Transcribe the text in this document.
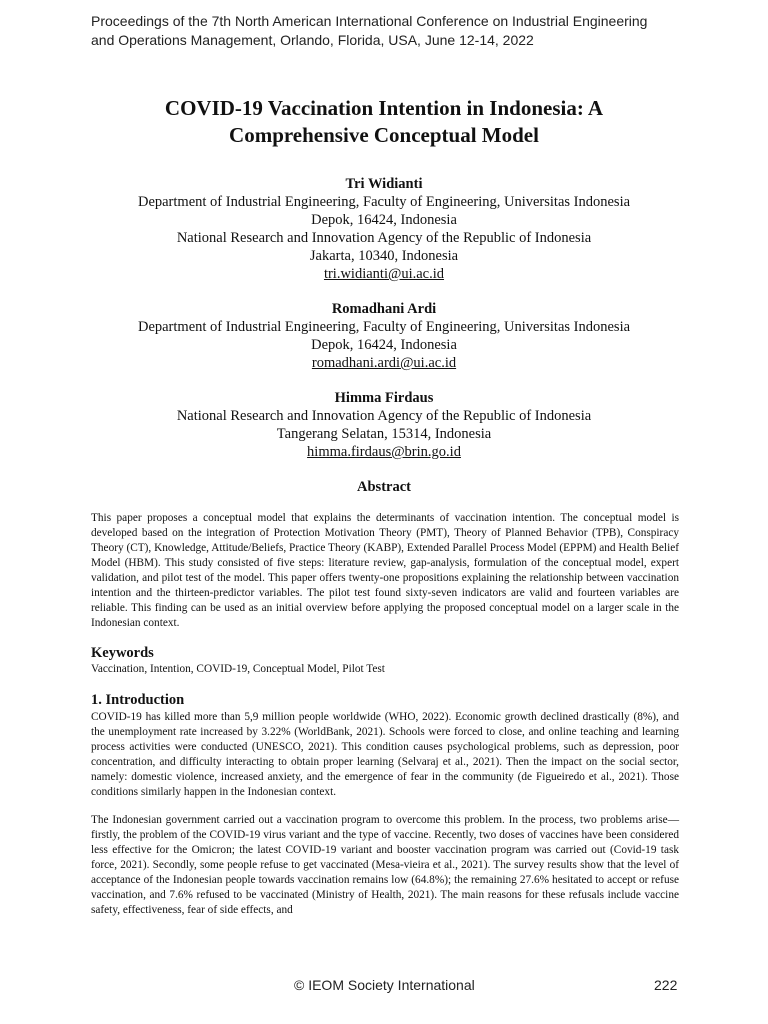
Proceedings of the 7th North American International Conference on Industrial Engineering
and Operations Management, Orlando, Florida, USA, June 12-14, 2022
COVID-19 Vaccination Intention in Indonesia: A
Comprehensive Conceptual Model
Tri Widianti
Department of Industrial Engineering, Faculty of Engineering, Universitas Indonesia
Depok, 16424, Indonesia
National Research and Innovation Agency of the Republic of Indonesia
Jakarta, 10340, Indonesia
tri.widianti@ui.ac.id
Romadhani Ardi
Department of Industrial Engineering, Faculty of Engineering, Universitas Indonesia
Depok, 16424, Indonesia
romadhani.ardi@ui.ac.id
Himma Firdaus
National Research and Innovation Agency of the Republic of Indonesia
Tangerang Selatan, 15314, Indonesia
himma.firdaus@brin.go.id
Abstract
This paper proposes a conceptual model that explains the determinants of vaccination intention. The conceptual model is developed based on the integration of Protection Motivation Theory (PMT), Theory of Planned Behavior (TPB), Conspiracy Theory (CT), Knowledge, Attitude/Beliefs, Practice Theory (KABP), Extended Parallel Process Model (EPPM) and Health Belief Model (HBM). This study consisted of five steps: literature review, gap-analysis, formulation of the conceptual model, expert validation, and pilot test of the model. This paper offers twenty-one propositions explaining the relationship between vaccination intention and the thirteen-predictor variables. The pilot test found sixty-seven indicators are valid and fourteen variables are reliable. This finding can be used as an initial overview before applying the proposed conceptual model on a larger scale in the Indonesian context.
Keywords
Vaccination, Intention, COVID-19, Conceptual Model, Pilot Test
1. Introduction
COVID-19 has killed more than 5,9 million people worldwide (WHO, 2022). Economic growth declined drastically (8%), and the unemployment rate increased by 3.22% (WorldBank, 2021). Schools were forced to close, and online teaching and learning process activities were conducted (UNESCO, 2021). This condition causes psychological problems, such as depression, poor concentration, and difficulty interacting to obtain proper learning (Selvaraj et al., 2021). Then the impact on the social sector, namely: domestic violence, increased anxiety, and the emergence of fear in the community (de Figueiredo et al., 2021). Those conditions similarly happen in the Indonesian context.
The Indonesian government carried out a vaccination program to overcome this problem. In the process, two problems arise—firstly, the problem of the COVID-19 virus variant and the type of vaccine. Recently, two doses of vaccines have been considered less effective for the Omicron; the latest COVID-19 variant and booster vaccination program was carried out (Covid-19 task force, 2021). Secondly, some people refuse to get vaccinated (Mesa-vieira et al., 2021). The survey results show that the level of acceptance of the Indonesian people towards vaccination remains low (64.8%); the remaining 27.6% hesitated to accept or refuse vaccination, and 7.6% refused to be vaccinated (Ministry of Health, 2021). The main reasons for these refusals include vaccine safety, effectiveness, fear of side effects, and
© IEOM Society International	222
